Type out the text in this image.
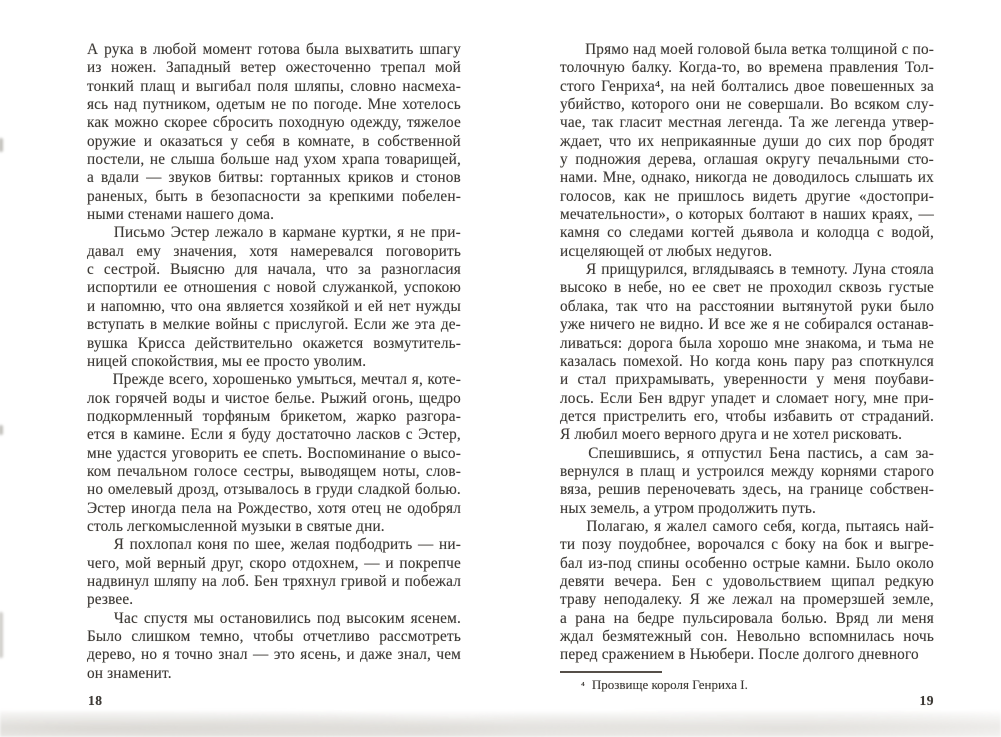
А рука в любой момент готова была выхватить шпагу
из ножен. Западный ветер ожесточенно трепал мой
тонкий плащ и выгибал поля шляпы, словно насмеха-
ясь над путником, одетым не по погоде. Мне хотелось
как можно скорее сбросить походную одежду, тяжелое
оружие и оказаться у себя в комнате, в собственной
постели, не слыша больше над ухом храпа товарищей,
а вдали — звуков битвы: гортанных криков и стонов
раненых, быть в безопасности за крепкими побелен-
ными стенами нашего дома.
Письмо Эстер лежало в кармане куртки, я не при-
давал ему значения, хотя намеревался поговорить
с сестрой. Выясню для начала, что за разногласия
испортили ее отношения с новой служанкой, успокою
и напомню, что она является хозяйкой и ей нет нужды
вступать в мелкие войны с прислугой. Если же эта де-
вушка Крисса действительно окажется возмутитель-
ницей спокойствия, мы ее просто уволим.
Прежде всего, хорошенько умыться, мечтал я, коте-
лок горячей воды и чистое белье. Рыжий огонь, щедро
подкормленный торфяным брикетом, жарко разгора-
ется в камине. Если я буду достаточно ласков с Эстер,
мне удастся уговорить ее спеть. Воспоминание о высо-
ком печальном голосе сестры, выводящем ноты, слов-
но омелевый дрозд, отзывалось в груди сладкой болью.
Эстер иногда пела на Рождество, хотя отец не одобрял
столь легкомысленной музыки в святые дни.
Я похлопал коня по шее, желая подбодрить — ни-
чего, мой верный друг, скоро отдохнем, — и покрепче
надвинул шляпу на лоб. Бен тряхнул гривой и побежал
резвее.
Час спустя мы остановились под высоким ясенем.
Было слишком темно, чтобы отчетливо рассмотреть
дерево, но я точно знал — это ясень, и даже знал, чем
он знаменит.
18
Прямо над моей головой была ветка толщиной с по-
толочную балку. Когда-то, во времена правления Тол-
стого Генриха⁴, на ней болтались двое повешенных за
убийство, которого они не совершали. Во всяком слу-
чае, так гласит местная легенда. Та же легенда утвер-
ждает, что их неприкаянные души до сих пор бродят
у подножия дерева, оглашая округу печальными сто-
нами. Мне, однако, никогда не доводилось слышать их
голосов, как не пришлось видеть другие «достопри-
мечательности», о которых болтают в наших краях, —
камня со следами когтей дьявола и колодца с водой,
исцеляющей от любых недугов.
Я прищурился, вглядываясь в темноту. Луна стояла
высоко в небе, но ее свет не проходил сквозь густые
облака, так что на расстоянии вытянутой руки было
уже ничего не видно. И все же я не собирался останав-
ливаться: дорога была хорошо мне знакома, и тьма не
казалась помехой. Но когда конь пару раз споткнулся
и стал прихрамывать, уверенности у меня поубави-
лось. Если Бен вдруг упадет и сломает ногу, мне при-
дется пристрелить его, чтобы избавить от страданий.
Я любил моего верного друга и не хотел рисковать.
Спешившись, я отпустил Бена пастись, а сам за-
вернулся в плащ и устроился между корнями старого
вяза, решив переночевать здесь, на границе собствен-
ных земель, а утром продолжить путь.
Полагаю, я жалел самого себя, когда, пытаясь най-
ти позу поудобнее, ворочался с боку на бок и выгре-
бал из-под спины особенно острые камни. Было около
девяти вечера. Бен с удовольствием щипал редкую
траву неподалеку. Я же лежал на промерзшей земле,
а рана на бедре пульсировала болью. Вряд ли меня
ждал безмятежный сон. Невольно вспомнилась ночь
перед сражением в Ньюбери. После долгого дневного
⁴ Прозвище короля Генриха I.
19
